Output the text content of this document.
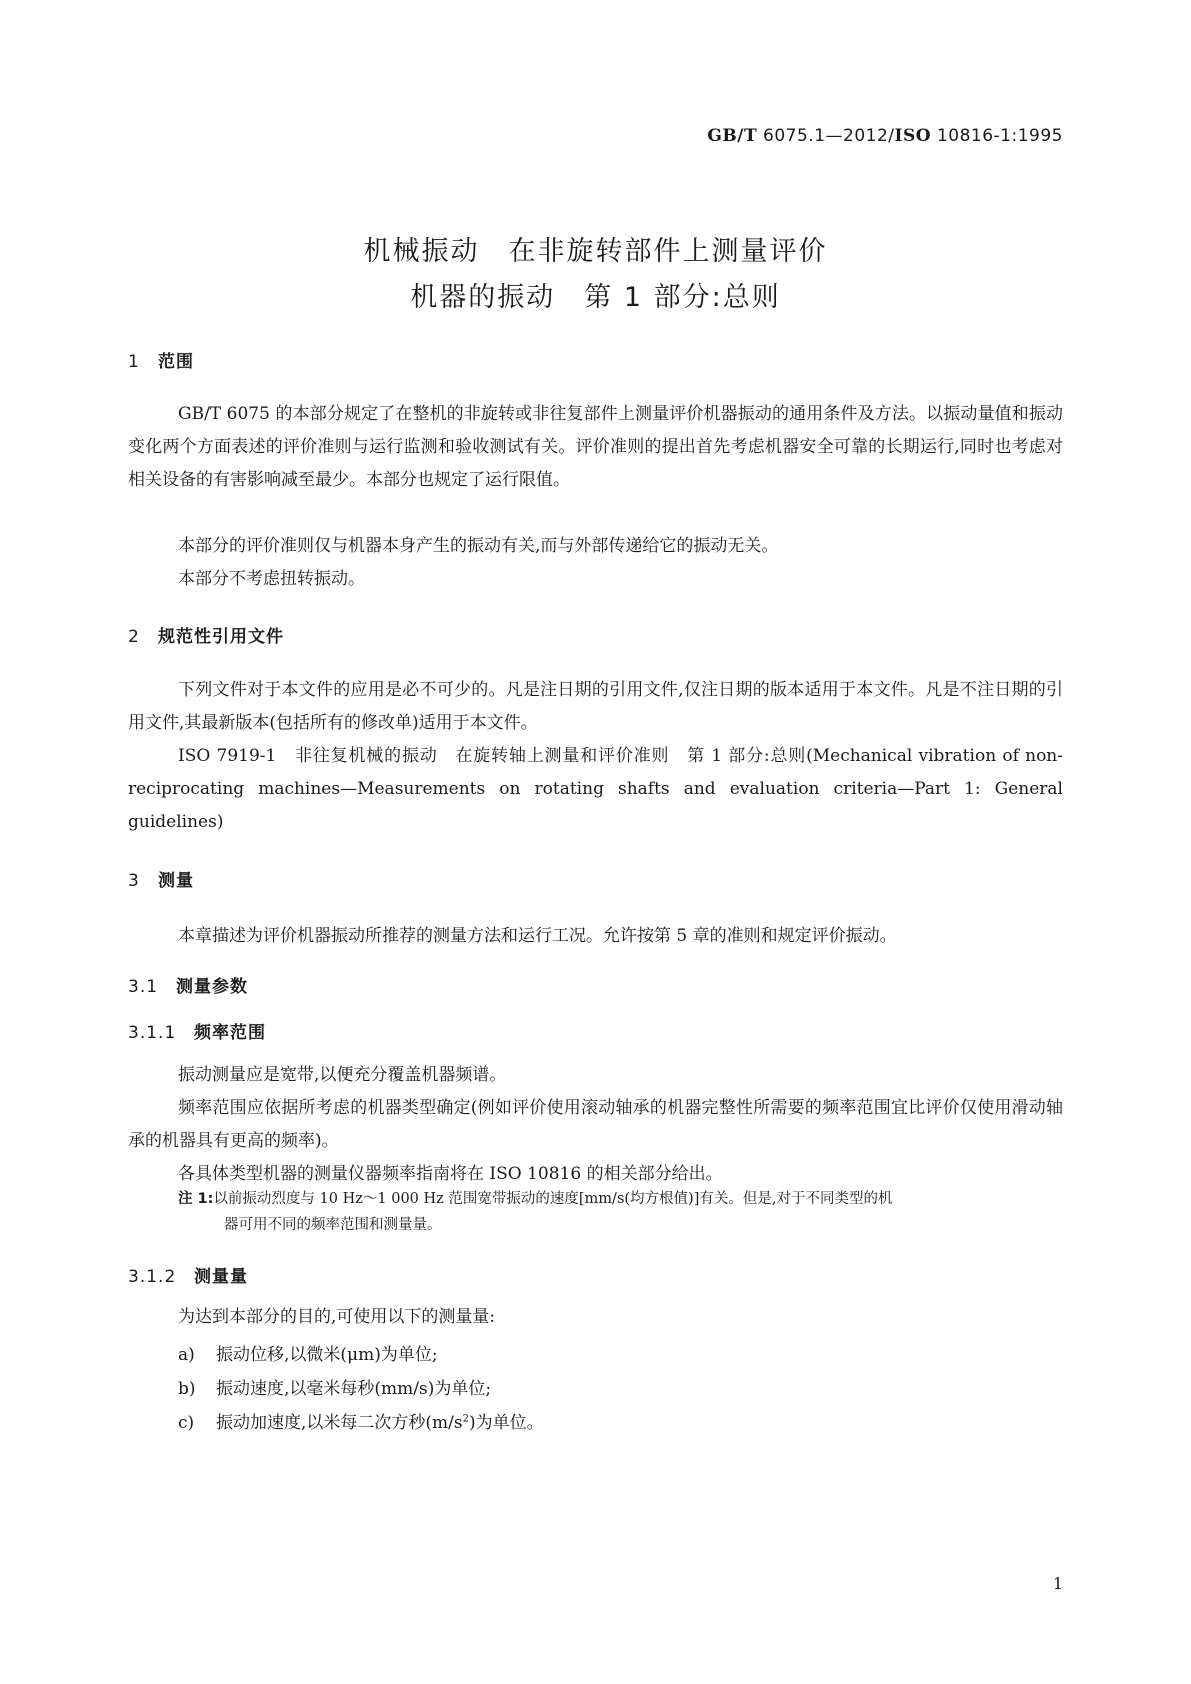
GB/T 6075.1—2012/ISO 10816-1:1995
机械振动　在非旋转部件上测量评价
机器的振动　第 1 部分:总则
1 范围
GB/T 6075 的本部分规定了在整机的非旋转或非往复部件上测量评价机器振动的通用条件及方法。以振动量值和振动变化两个方面表述的评价准则与运行监测和验收测试有关。评价准则的提出首先考虑机器安全可靠的长期运行,同时也考虑对相关设备的有害影响减至最少。本部分也规定了运行限值。
本部分的评价准则仅与机器本身产生的振动有关,而与外部传递给它的振动无关。
本部分不考虑扭转振动。
2 规范性引用文件
下列文件对于本文件的应用是必不可少的。凡是注日期的引用文件,仅注日期的版本适用于本文件。凡是不注日期的引用文件,其最新版本(包括所有的修改单)适用于本文件。
ISO 7919-1　非往复机械的振动　在旋转轴上测量和评价准则　第 1 部分:总则(Mechanical vibration of non-reciprocating machines—Measurements on rotating shafts and evaluation criteria—Part 1: General guidelines)
3 测量
本章描述为评价机器振动所推荐的测量方法和运行工况。允许按第 5 章的准则和规定评价振动。
3.1 测量参数
3.1.1 频率范围
振动测量应是宽带,以便充分覆盖机器频谱。
频率范围应依据所考虑的机器类型确定(例如评价使用滚动轴承的机器完整性所需要的频率范围宜比评价仅使用滑动轴承的机器具有更高的频率)。
各具体类型机器的测量仪器频率指南将在 ISO 10816 的相关部分给出。
注 1:以前振动烈度与 10 Hz～1 000 Hz 范围宽带振动的速度[mm/s(均方根值)]有关。但是,对于不同类型的机
器可用不同的频率范围和测量量。
3.1.2 测量量
为达到本部分的目的,可使用以下的测量量:
a) 振动位移,以微米(μm)为单位;
b) 振动速度,以毫米每秒(mm/s)为单位;
c) 振动加速度,以米每二次方秒$(m/s^2)$为单位。
1
